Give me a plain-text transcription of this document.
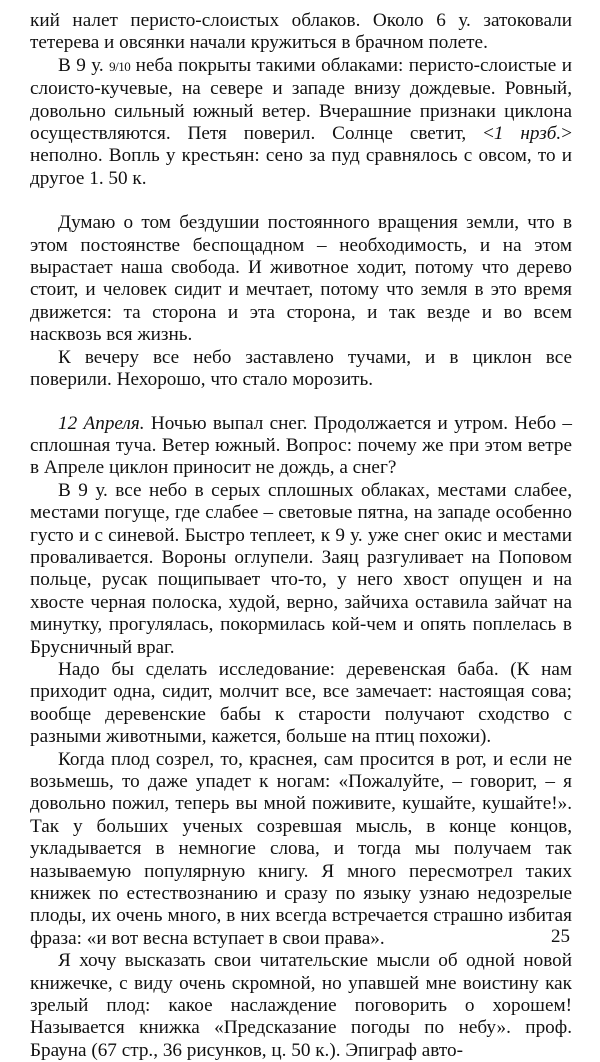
кий налет перисто-слоистых облаков. Около 6 у. затоковали тетерева и овсянки начали кружиться в брачном полете.

В 9 у. 9/10 неба покрыты такими облаками: перисто-слоистые и слоисто-кучевые, на севере и западе внизу дождевые. Ровный, довольно сильный южный ветер. Вчерашние признаки циклона осуществляются. Петя поверил. Солнце светит, <1 нрзб.> неполно. Вопль у крестьян: сено за пуд сравнялось с овсом, то и другое 1. 50 к.

Думаю о том бездушии постоянного вращения земли, что в этом постоянстве беспощадном – необходимость, и на этом вырастает наша свобода. И животное ходит, потому что дерево стоит, и человек сидит и мечтает, потому что земля в это время движется: та сторона и эта сторона, и так везде и во всем насквозь вся жизнь.

К вечеру все небо заставлено тучами, и в циклон все поверили. Нехорошо, что стало морозить.

12 Апреля. Ночью выпал снег. Продолжается и утром. Небо – сплошная туча. Ветер южный. Вопрос: почему же при этом ветре в Апреле циклон приносит не дождь, а снег?

В 9 у. все небо в серых сплошных облаках, местами слабее, местами погуще, где слабее – световые пятна, на западе особенно густо и с синевой. Быстро теплеет, к 9 у. уже снег окис и местами проваливается. Вороны оглупели. Заяц разгуливает на Поповом польце, русак пощипывает что-то, у него хвост опущен и на хвосте черная полоска, худой, верно, зайчиха оставила зайчат на минутку, прогулялась, покормилась кой-чем и опять поплелась в Брусничный враг.

Надо бы сделать исследование: деревенская баба. (К нам приходит одна, сидит, молчит все, все замечает: настоящая сова; вообще деревенские бабы к старости получают сходство с разными животными, кажется, больше на птиц похожи).

Когда плод созрел, то, краснея, сам просится в рот, и если не возьмешь, то даже упадет к ногам: «Пожалуйте, – говорит, – я довольно пожил, теперь вы мной поживите, кушайте, кушайте!». Так у больших ученых созревшая мысль, в конце концов, укладывается в немногие слова, и тогда мы получаем так называемую популярную книгу. Я много пересмотрел таких книжек по естествознанию и сразу по языку узнаю недозрелые плоды, их очень много, в них всегда встречается страшно избитая фраза: «и вот весна вступает в свои права».

Я хочу высказать свои читательские мысли об одной новой книжечке, с виду очень скромной, но упавшей мне воистину как зрелый плод: какое наслаждение поговорить о хорошем! Называется книжка «Предсказание погоды по небу». проф. Брауна (67 стр., 36 рисунков, ц. 50 к.). Эпиграф авто-

25
